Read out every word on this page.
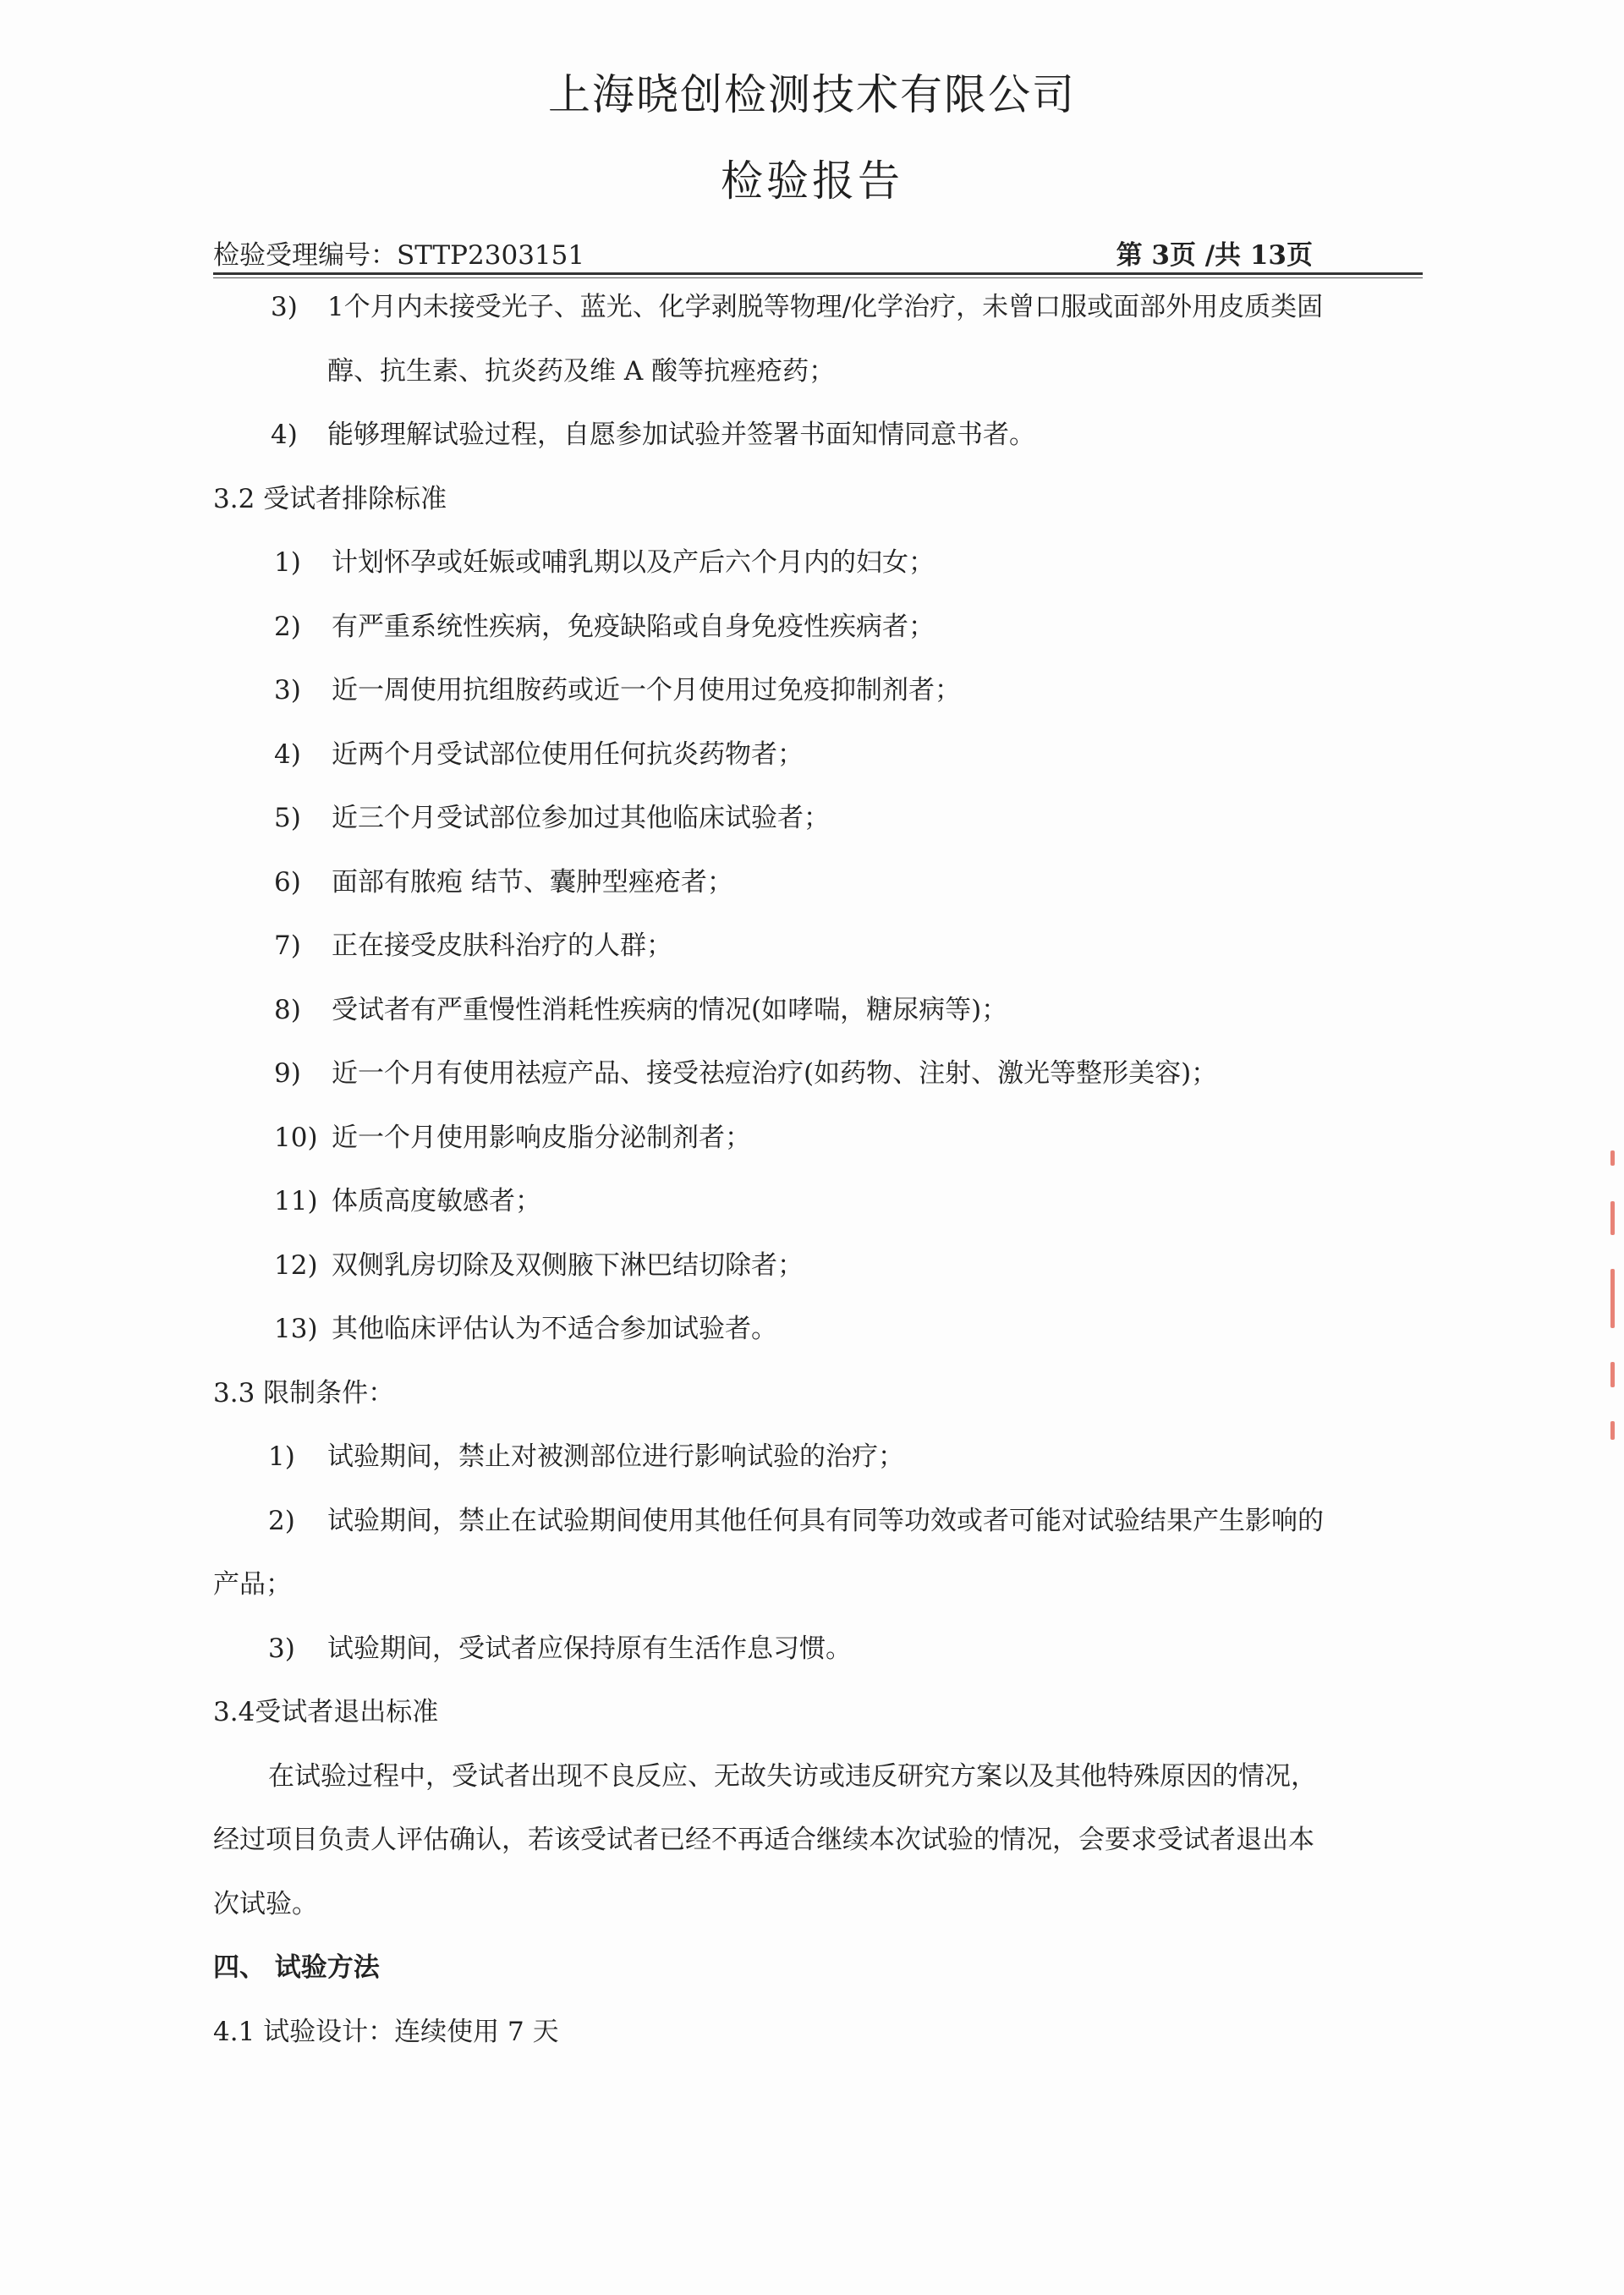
上海晓创检测技术有限公司
检验报告
检验受理编号：STTP2303151	第 3页 /共 13页
3) 1个月内未接受光子、蓝光、化学剥脱等物理/化学治疗，未曾口服或面部外用皮质类固
醇、抗生素、抗炎药及维 A 酸等抗痤疮药；
4) 能够理解试验过程，自愿参加试验并签署书面知情同意书者。
3.2 受试者排除标准
1) 计划怀孕或妊娠或哺乳期以及产后六个月内的妇女；
2) 有严重系统性疾病，免疫缺陷或自身免疫性疾病者；
3) 近一周使用抗组胺药或近一个月使用过免疫抑制剂者；
4) 近两个月受试部位使用任何抗炎药物者；
5) 近三个月受试部位参加过其他临床试验者；
6) 面部有脓疱 结节、囊肿型痤疮者；
7) 正在接受皮肤科治疗的人群；
8) 受试者有严重慢性消耗性疾病的情况(如哮喘，糖尿病等)；
9) 近一个月有使用祛痘产品、接受祛痘治疗(如药物、注射、激光等整形美容)；
10) 近一个月使用影响皮脂分泌制剂者；
11) 体质高度敏感者；
12) 双侧乳房切除及双侧腋下淋巴结切除者；
13) 其他临床评估认为不适合参加试验者。
3.3 限制条件：
1) 试验期间，禁止对被测部位进行影响试验的治疗；
2) 试验期间，禁止在试验期间使用其他任何具有同等功效或者可能对试验结果产生影响的
产品；
3) 试验期间，受试者应保持原有生活作息习惯。
3.4受试者退出标准
在试验过程中，受试者出现不良反应、无故失访或违反研究方案以及其他特殊原因的情况，
经过项目负责人评估确认，若该受试者已经不再适合继续本次试验的情况，会要求受试者退出本
次试验。
四、 试验方法
4.1 试验设计：连续使用 7 天
